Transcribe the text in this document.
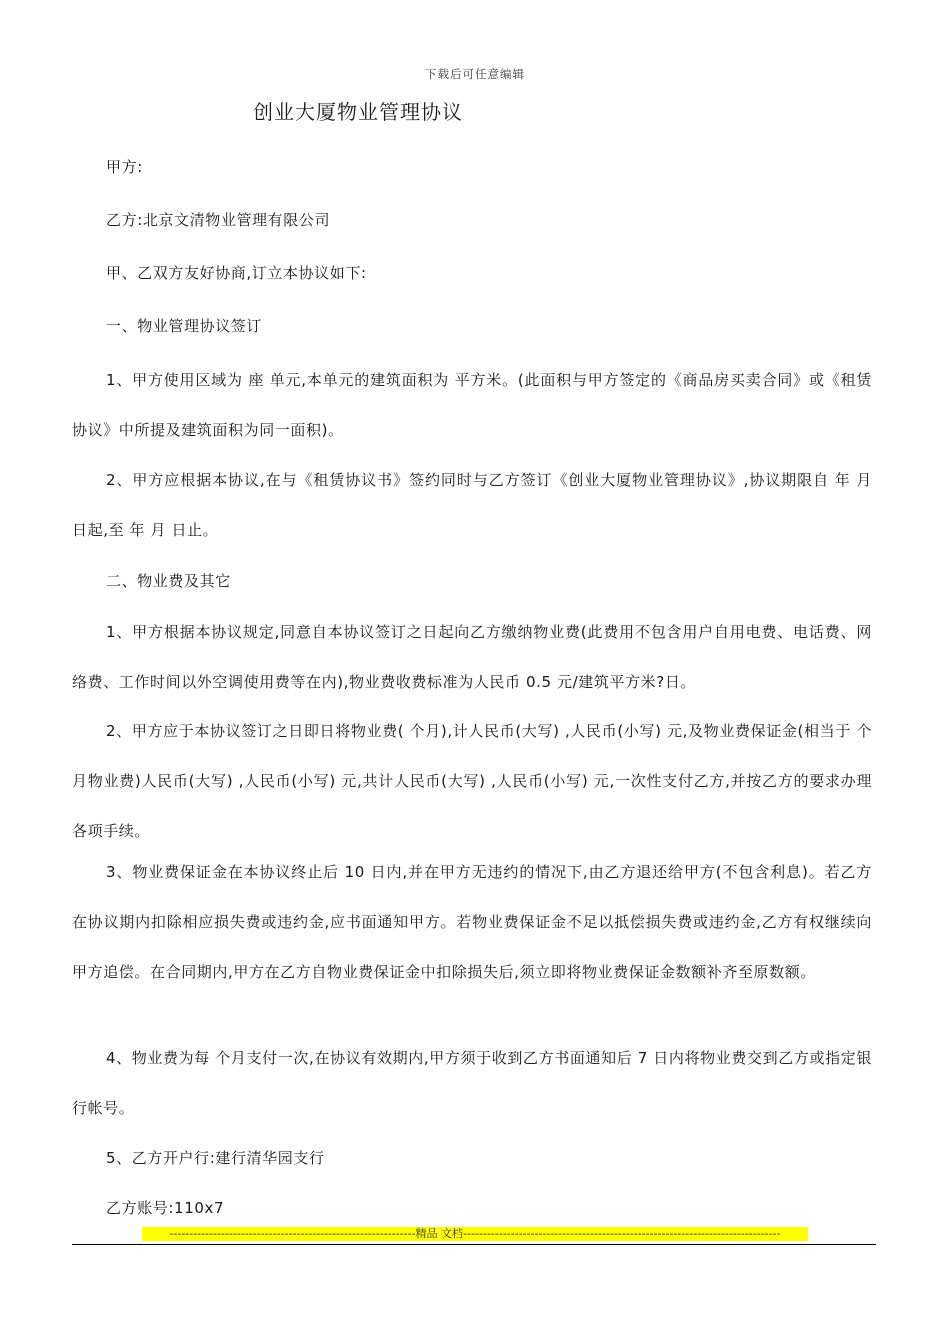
下载后可任意编辑
创业大厦物业管理协议
甲方:
乙方:北京文清物业管理有限公司
甲、乙双方友好协商,订立本协议如下:
一、物业管理协议签订
1、甲方使用区域为 座 单元,本单元的建筑面积为 平方米。(此面积与甲方签定的《商品房买卖合同》或《租赁协议》中所提及建筑面积为同一面积)。
2、甲方应根据本协议,在与《租赁协议书》签约同时与乙方签订《创业大厦物业管理协议》,协议期限自 年 月 日起,至 年 月 日止。
二、物业费及其它
1、甲方根据本协议规定,同意自本协议签订之日起向乙方缴纳物业费(此费用不包含用户自用电费、电话费、网络费、工作时间以外空调使用费等在内),物业费收费标准为人民币 0.5 元/建筑平方米?日。
2、甲方应于本协议签订之日即日将物业费( 个月),计人民币(大写) ,人民币(小写) 元,及物业费保证金(相当于 个月物业费)人民币(大写) ,人民币(小写) 元,共计人民币(大写) ,人民币(小写) 元,一次性支付乙方,并按乙方的要求办理各项手续。
3、物业费保证金在本协议终止后 10 日内,并在甲方无违约的情况下,由乙方退还给甲方(不包含利息)。若乙方在协议期内扣除相应损失费或违约金,应书面通知甲方。若物业费保证金不足以抵偿损失费或违约金,乙方有权继续向甲方追偿。在合同期内,甲方在乙方自物业费保证金中扣除损失后,须立即将物业费保证金数额补齐至原数额。
4、物业费为每 个月支付一次,在协议有效期内,甲方须于收到乙方书面通知后 7 日内将物业费交到乙方或指定银行帐号。
5、乙方开户行:建行清华园支行
乙方账号:110x7
--------------------------------------------------------------精品 文档--------------------------------------------------------------------------------
